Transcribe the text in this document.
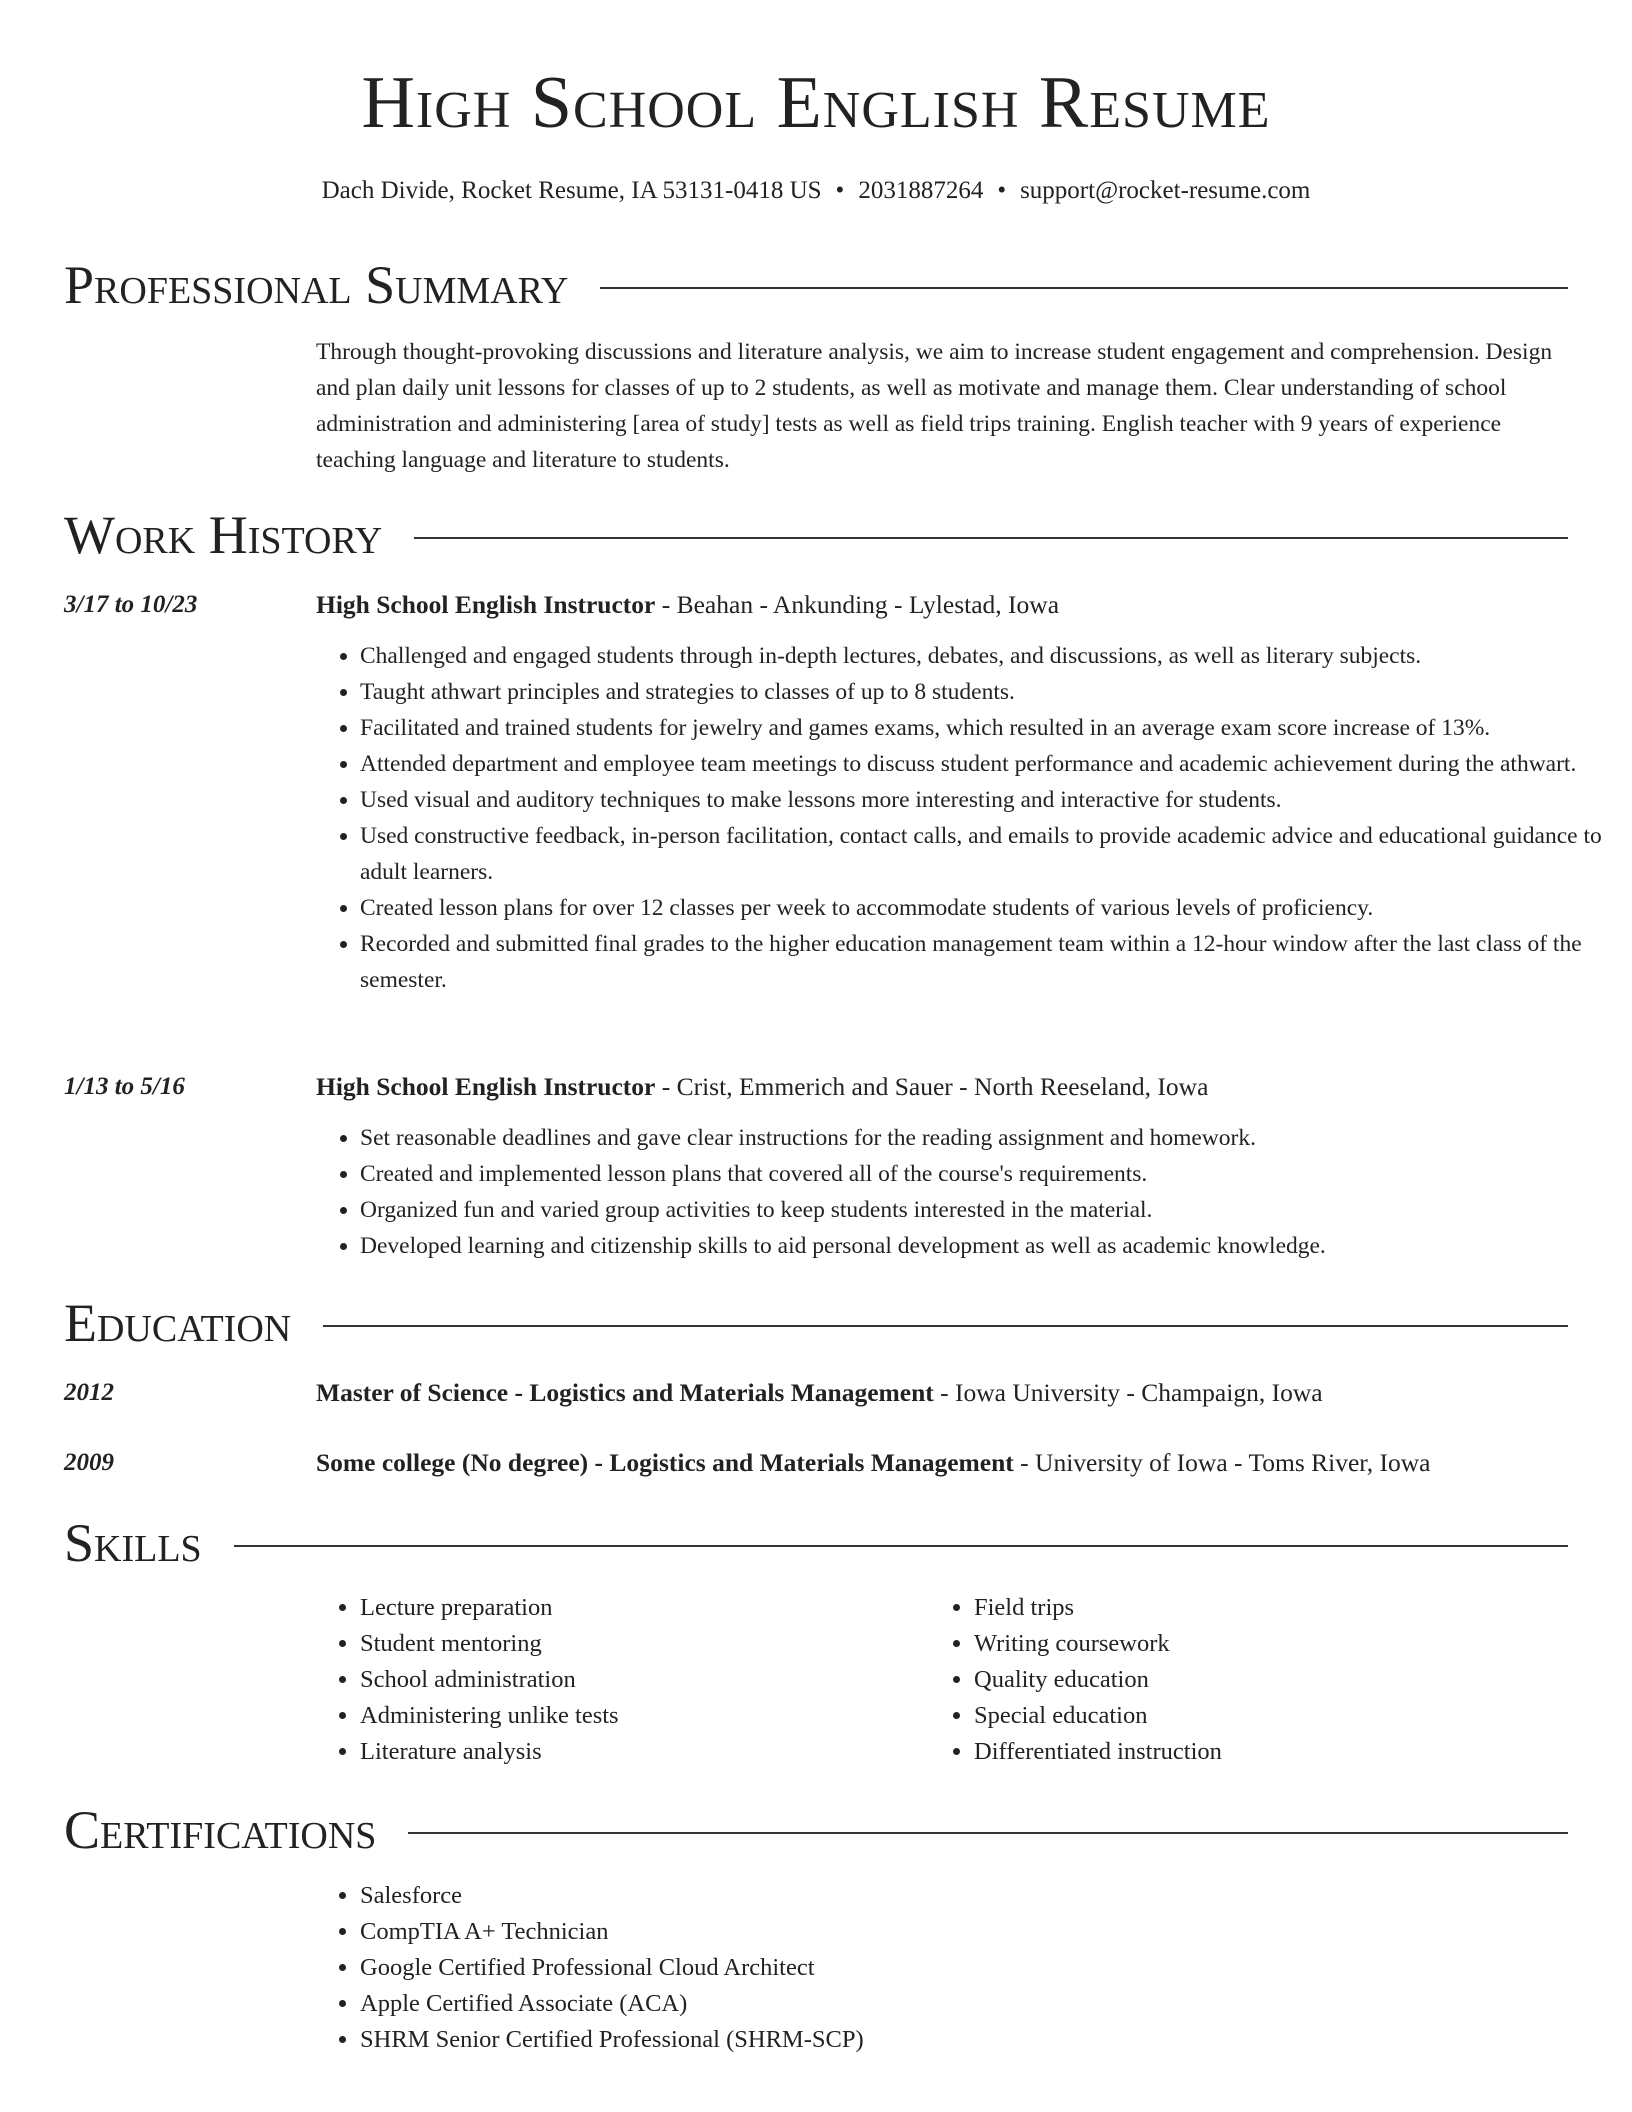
High School English Resume
Dach Divide, Rocket Resume, IA 53131-0418 US • 2031887264 • support@rocket-resume.com
Professional Summary

Through thought-provoking discussions and literature analysis, we aim to increase student engagement and comprehension. Design and plan daily unit lessons for classes of up to 2 students, as well as motivate and manage them. Clear understanding of school administration and administering [area of study] tests as well as field trips training. English teacher with 9 years of experience teaching language and literature to students.

Work History
3/17 to 10/23	High School English Instructor - Beahan - Ankunding - Lylestad, Iowa
• Challenged and engaged students through in-depth lectures, debates, and discussions, as well as literary subjects.
• Taught athwart principles and strategies to classes of up to 8 students.
• Facilitated and trained students for jewelry and games exams, which resulted in an average exam score increase of 13%.
• Attended department and employee team meetings to discuss student performance and academic achievement during the athwart.
• Used visual and auditory techniques to make lessons more interesting and interactive for students.
• Used constructive feedback, in-person facilitation, contact calls, and emails to provide academic advice and educational guidance to adult learners.
• Created lesson plans for over 12 classes per week to accommodate students of various levels of proficiency.
• Recorded and submitted final grades to the higher education management team within a 12-hour window after the last class of the semester.
1/13 to 5/16	High School English Instructor - Crist, Emmerich and Sauer - North Reeseland, Iowa
• Set reasonable deadlines and gave clear instructions for the reading assignment and homework.
• Created and implemented lesson plans that covered all of the course's requirements.
• Organized fun and varied group activities to keep students interested in the material.
• Developed learning and citizenship skills to aid personal development as well as academic knowledge.
Education
2012	Master of Science - Logistics and Materials Management - Iowa University - Champaign, Iowa
2009	Some college (No degree) - Logistics and Materials Management - University of Iowa - Toms River, Iowa
Skills
• Lecture preparation
• Student mentoring
• School administration
• Administering unlike tests
• Literature analysis
• Field trips
• Writing coursework
• Quality education
• Special education
• Differentiated instruction
Certifications
• Salesforce
• CompTIA A+ Technician
• Google Certified Professional Cloud Architect
• Apple Certified Associate (ACA)
• SHRM Senior Certified Professional (SHRM-SCP)
